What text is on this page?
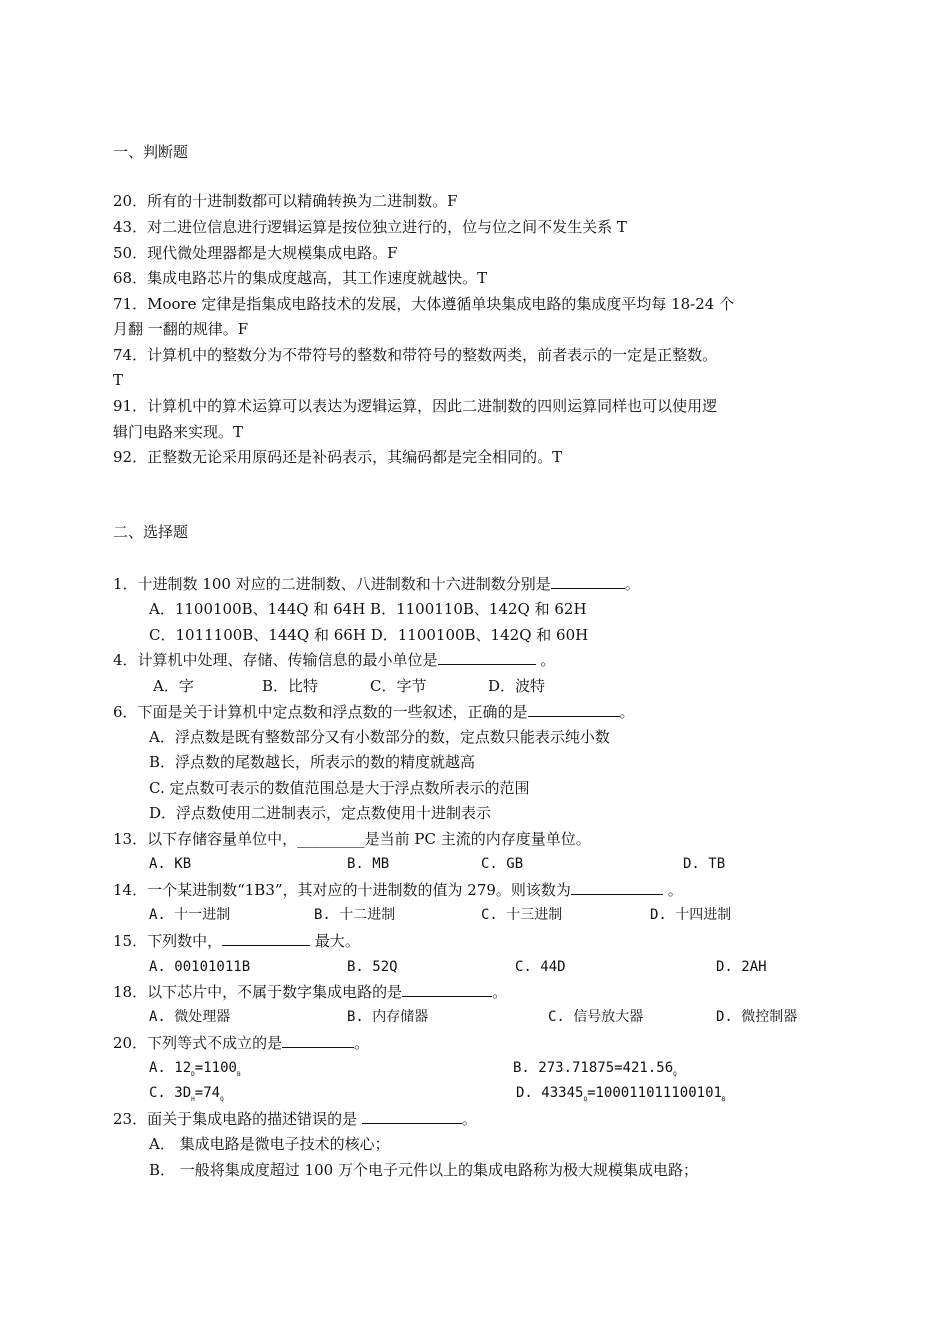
一、判断题
20．所有的十进制数都可以精确转换为二进制数。F
43．对二进位信息进行逻辑运算是按位独立进行的，位与位之间不发生关系 T
50．现代微处理器都是大规模集成电路。F
68．集成电路芯片的集成度越高，其工作速度就越快。T
71．Moore 定律是指集成电路技术的发展，大体遵循单块集成电路的集成度平均每 18-24 个
月翻 一翻的规律。F
74．计算机中的整数分为不带符号的整数和带符号的整数两类，前者表示的一定是正整数。
T
91．计算机中的算术运算可以表达为逻辑运算，因此二进制数的四则运算同样也可以使用逻
辑门电路来实现。T
92．正整数无论采用原码还是补码表示，其编码都是完全相同的。T
二、选择题
1．十进制数 100 对应的二进制数、八进制数和十六进制数分别是	。
A．1100100B、144Q 和 64H B．1100110B、142Q 和 62H
C．1011100B、144Q 和 66H D．1100100B、142Q 和 60H
4．计算机中处理、存储、传输信息的最小单位是	。
A．字	B．比特	C．字节	D．波特
6．下面是关于计算机中定点数和浮点数的一些叙述，正确的是	。
A．浮点数是既有整数部分又有小数部分的数，定点数只能表示纯小数
B．浮点数的尾数越长，所表示的数的精度就越高
C. 定点数可表示的数值范围总是大于浮点数所表示的范围
D．浮点数使用二进制表示，定点数使用十进制表示
13．以下存储容量单位中，_________是当前 PC 主流的内存度量单位。
A. KB	B. MB	C. GB	D. TB
14．一个某进制数“1B3”，其对应的十进制数的值为 279。则该数为	。
A. 十一进制	B. 十二进制	C. 十三进制	D. 十四进制
15．下列数中，	最大。
A. 00101011B	B. 52Q	C. 44D	D. 2AH
18．以下芯片中，不属于数字集成电路的是	。
A. 微处理器	B. 内存储器	C. 信号放大器	D. 微控制器
20．下列等式不成立的是	。
A. $12_D=1100_B$	B. $273.71875=421.56_Q$
C. $3D_H=74_Q$	D. $43345_Q=100011011100101_B$
23．面关于集成电路的描述错误的是	。
A． 集成电路是微电子技术的核心；
B． 一般将集成度超过 100 万个电子元件以上的集成电路称为极大规模集成电路；
